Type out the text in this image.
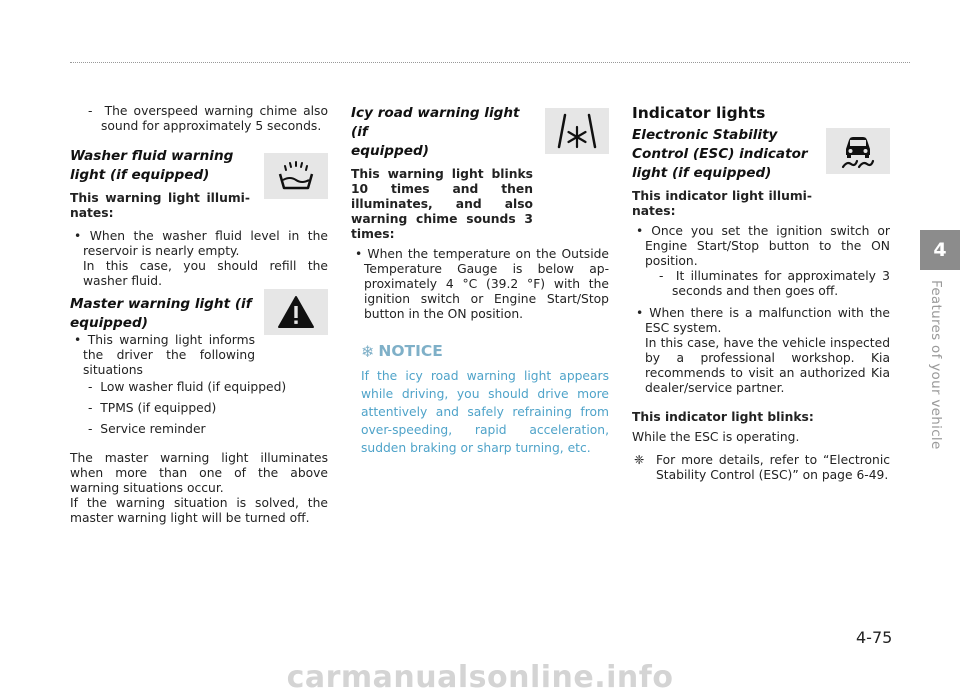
-  The overspeed warning chime also sound for approximately 5 seconds.

Washer fluid warning
light (if equipped)

This warning light illuminates:

• When the washer fluid level in the reservoir is nearly empty.

In this case, you should refill the washer fluid.

Master warning light (if
equipped)

• This warning light informs the driver the following situations

-  Low washer fluid (if equipped)

-  TPMS (if equipped)

-  Service reminder

The master warning light illuminates when more than one of the above warning situations occur.

If the warning situation is solved, the master warning light will be turned off.

Icy road warning light (if
equipped)

This warning light blinks 10 times and then illuminates, and also warning chime sounds 3 times:

• When the temperature on the Outside Temperature Gauge is below approximately 4 °C (39.2 °F) with the ignition switch or Engine Start/Stop button in the ON position.

❄ NOTICE

If the icy road warning light appears while driving, you should drive more attentively and safely refraining from over-speeding, rapid acceleration, sudden braking or sharp turning, etc.

Indicator lights

Electronic Stability
Control (ESC) indicator
light (if equipped)

This indicator light illuminates:

• Once you set the ignition switch or Engine Start/Stop button to the ON position.

-  It illuminates for approximately 3 seconds and then goes off.

• When there is a malfunction with the ESC system.

In this case, have the vehicle inspected by a professional workshop. Kia recommends to visit an authorized Kia dealer/service partner.

This indicator light blinks:

While the ESC is operating.

❈ For more details, refer to “Electronic Stability Control (ESC)” on page 6-49.

4
Features of your vehicle
4-75
carmanualsonline.info
